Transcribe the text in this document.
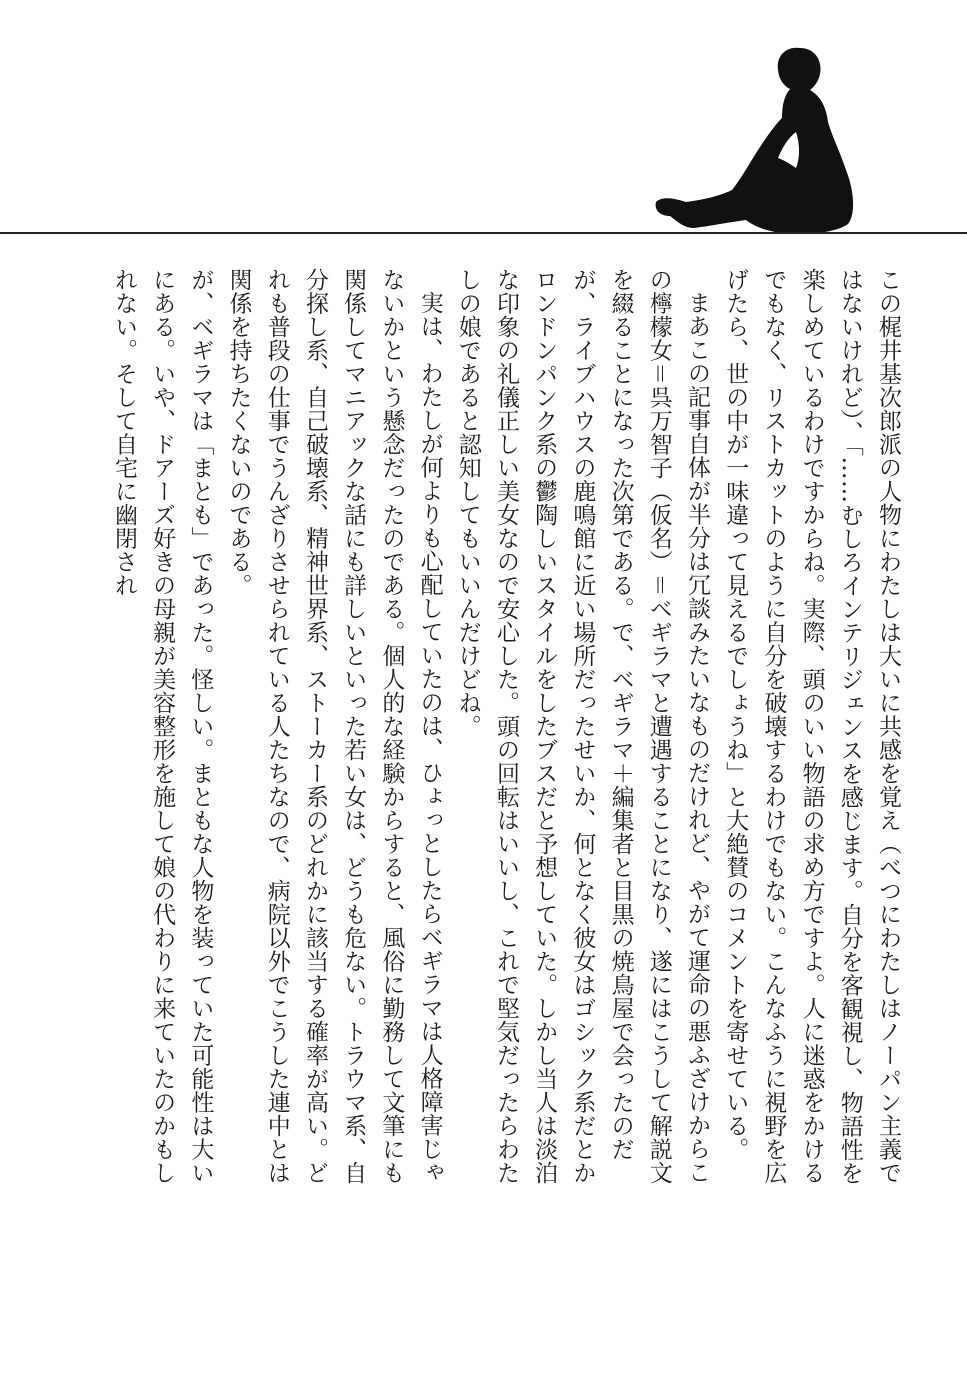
この梶井基次郎派の人物にわたしは大いに共感を覚え（べつにわたしはノーパン主義ではないけれど）、「……むしろインテリジェンスを感じます。自分を客観視し、物語性を楽しめているわけですからね。実際、頭のいい物語の求め方ですよ。人に迷惑をかけるでもなく、リストカットのように自分を破壊するわけでもない。こんなふうに視野を広げたら、世の中が一味違って見えるでしょうね」と大絶賛のコメントを寄せている。

まあこの記事自体が半分は冗談みたいなものだけれど、やがて運命の悪ふざけからこの檸檬女＝呉万智子（仮名）＝ベギラマと遭遇することになり、遂にはこうして解説文を綴ることになった次第である。で、ベギラマ＋編集者と目黒の焼鳥屋で会ったのだが、ライブハウスの鹿鳴館に近い場所だったせいか、何となく彼女はゴシック系だとかロンドンパンク系の鬱陶しいスタイルをしたブスだと予想していた。しかし当人は淡泊な印象の礼儀正しい美女なので安心した。頭の回転はいいし、これで堅気だったらわたしの娘であると認知してもいいんだけどね。

実は、わたしが何よりも心配していたのは、ひょっとしたらベギラマは人格障害じゃないかという懸念だったのである。個人的な経験からすると、風俗に勤務して文筆にも関係してマニアックな話にも詳しいといった若い女は、どうも危ない。トラウマ系、自分探し系、自己破壊系、精神世界系、ストーカー系のどれかに該当する確率が高い。どれも普段の仕事でうんざりさせられている人たちなので、病院以外でこうした連中とは関係を持ちたくないのである。

が、ベギラマは「まとも」であった。怪しい。まともな人物を装っていた可能性は大いにある。いや、ドアーズ好きの母親が美容整形を施して娘の代わりに来ていたのかもしれない。そして自宅に幽閉され
